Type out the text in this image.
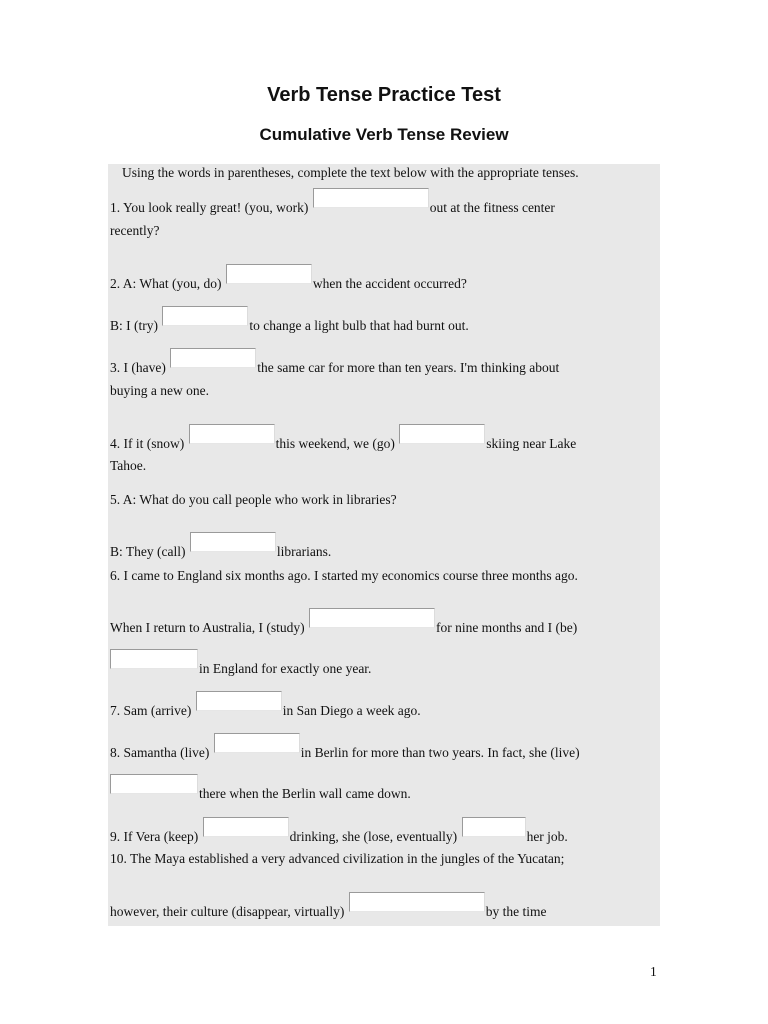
Verb Tense Practice Test
Cumulative Verb Tense Review
Using the words in parentheses, complete the text below with the appropriate tenses.
1. You look really great! (you, work)	out at the fitness center
recently?
2. A: What (you, do)	when the accident occurred?
B: I (try)	to change a light bulb that had burnt out.
3. I (have)	the same car for more than ten years. I'm thinking about
buying a new one.
4. If it (snow)	this weekend, we (go)	skiing near Lake
Tahoe.
5. A: What do you call people who work in libraries?
B: They (call)	librarians.
6. I came to England six months ago. I started my economics course three months ago.
When I return to Australia, I (study)	for nine months and I (be)
in England for exactly one year.
7. Sam (arrive)	in San Diego a week ago.
8. Samantha (live)	in Berlin for more than two years. In fact, she (live)
there when the Berlin wall came down.
9. If Vera (keep)	drinking, she (lose, eventually)	her job.
10. The Maya established a very advanced civilization in the jungles of the Yucatan;
however, their culture (disappear, virtually)	by the time
1
